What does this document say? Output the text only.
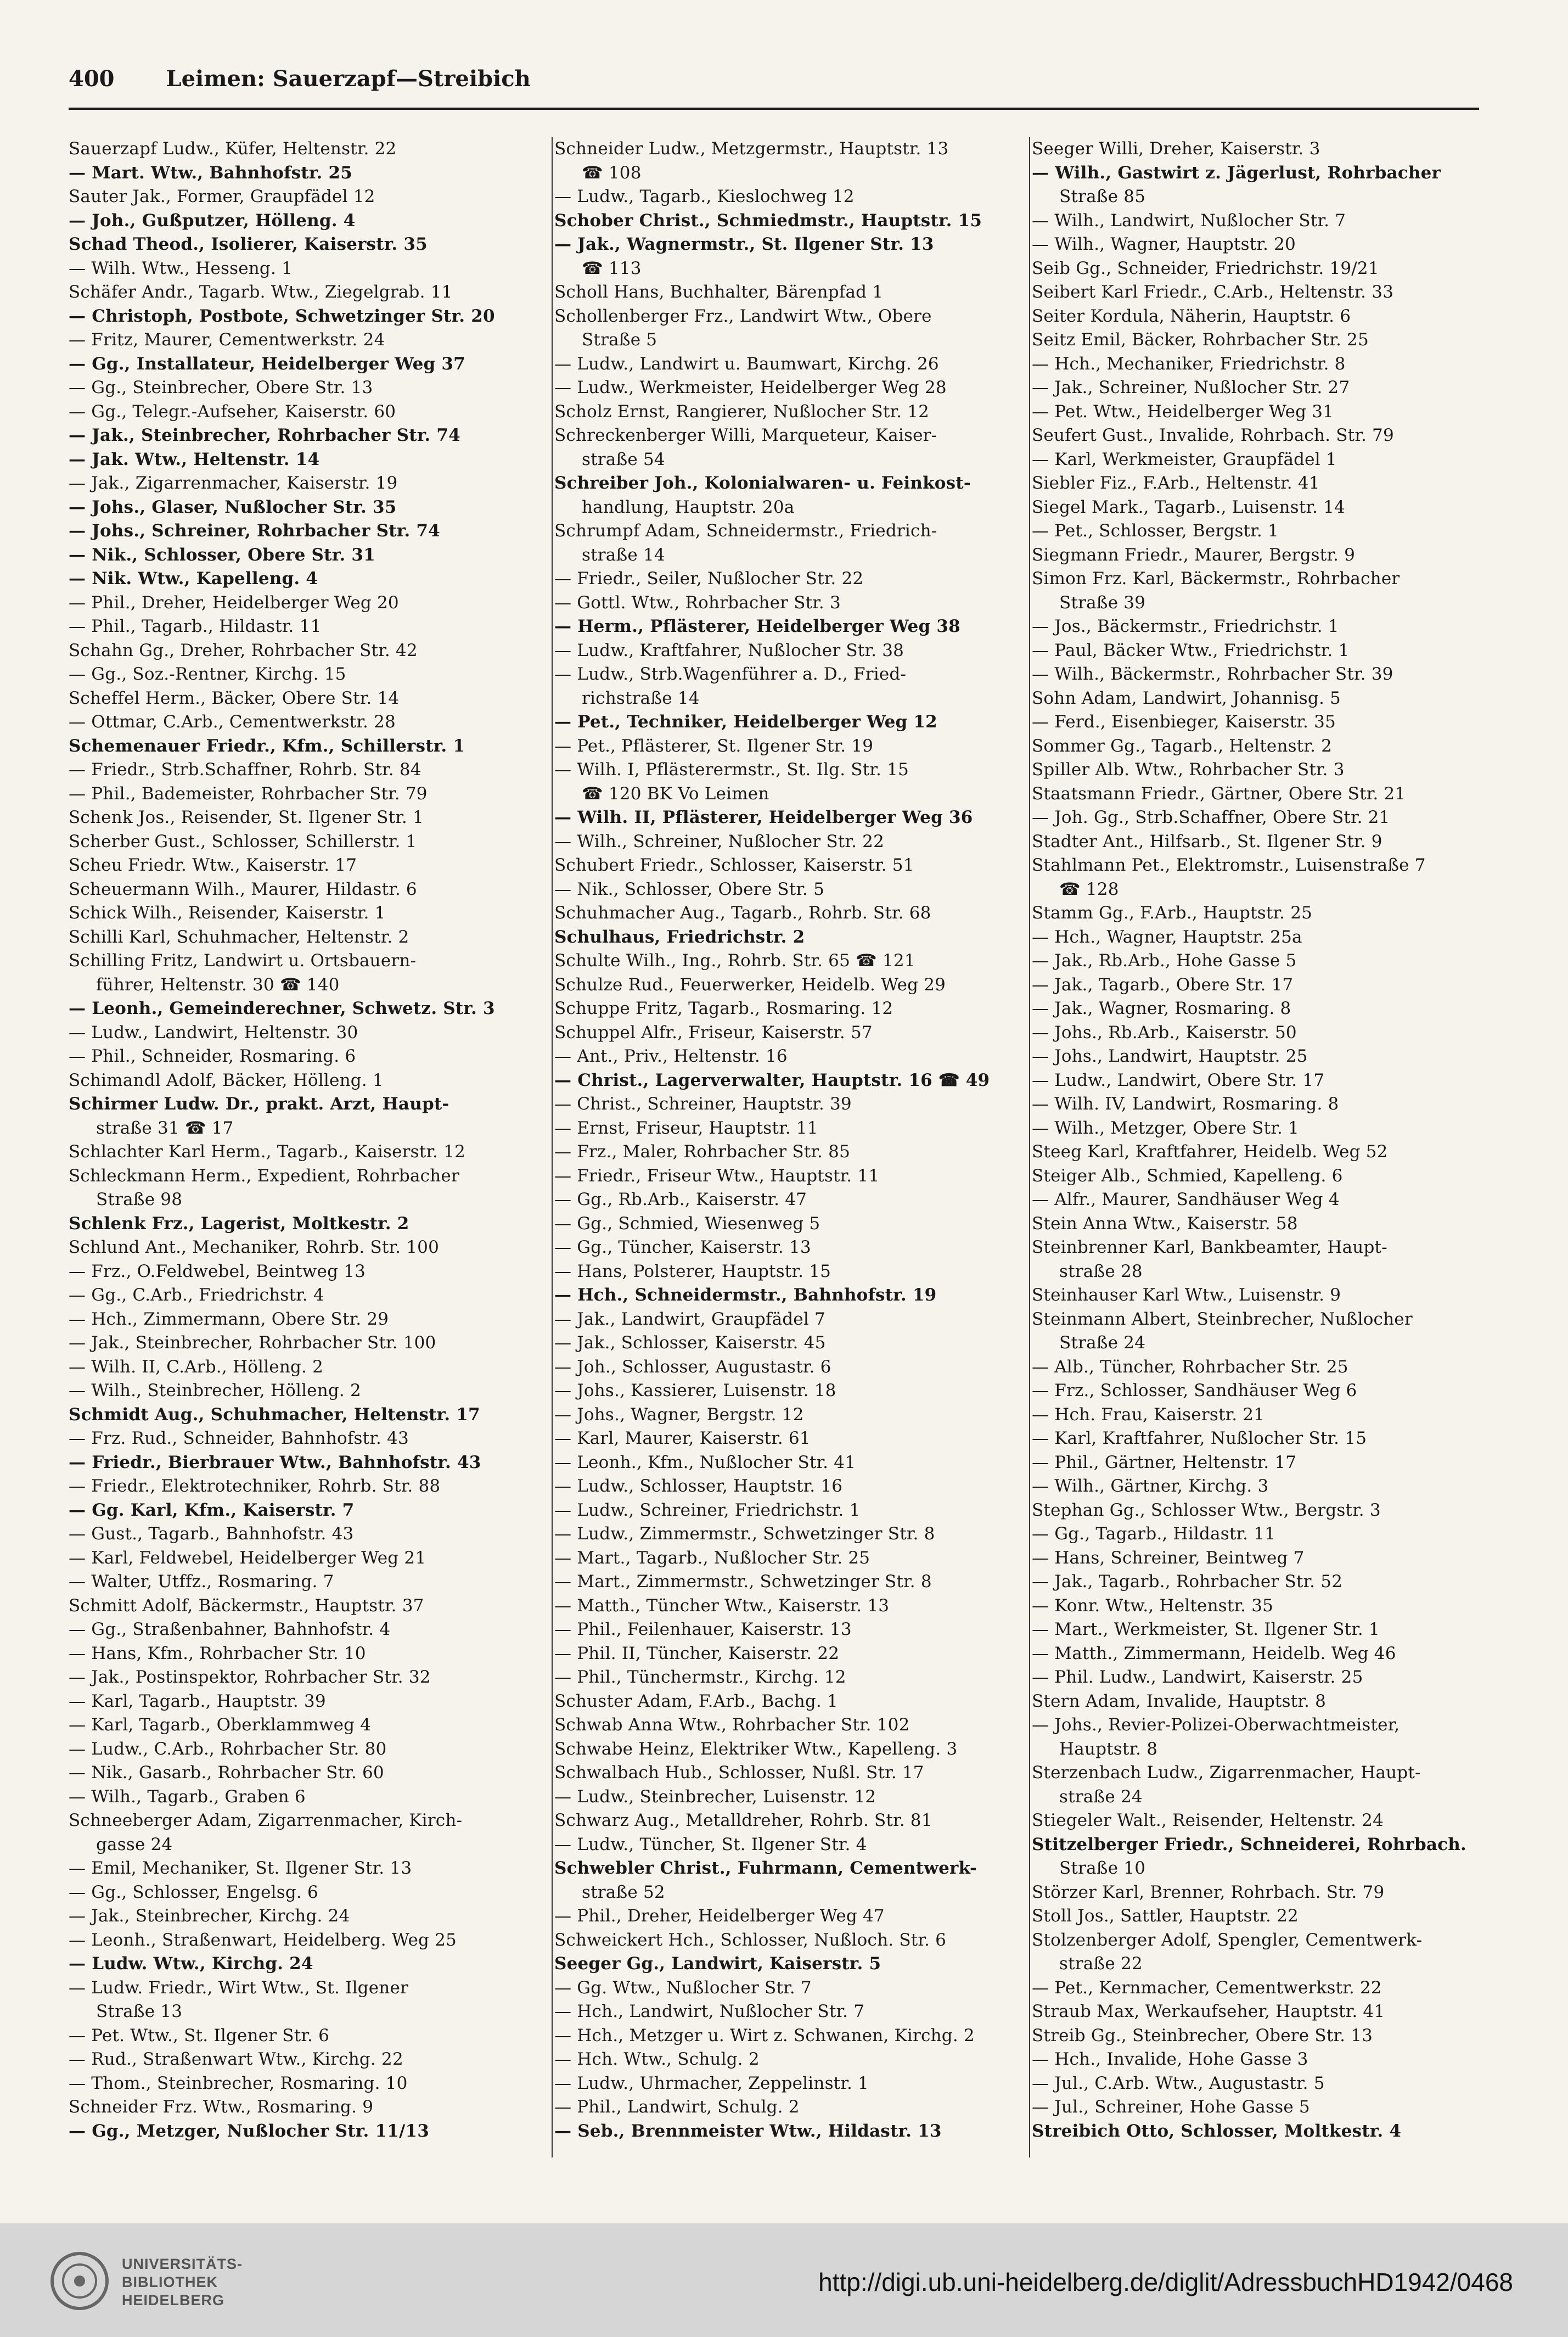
400 Leimen: Sauerzapf—Streibich
Sauerzapf Ludw., Küfer, Heltenstr. 22
— Mart. Wtw., Bahnhofstr. 25
Sauter Jak., Former, Graupfädel 12
— Joh., Gußputzer, Hölleng. 4
Schad Theod., Isolierer, Kaiserstr. 35
— Wilh. Wtw., Hesseng. 1
Schäfer Andr., Tagarb. Wtw., Ziegelgrab. 11
— Christoph, Postbote, Schwetzinger Str. 20
— Fritz, Maurer, Cementwerkstr. 24
— Gg., Installateur, Heidelberger Weg 37
— Gg., Steinbrecher, Obere Str. 13
— Gg., Telegr.-Aufseher, Kaiserstr. 60
— Jak., Steinbrecher, Rohrbacher Str. 74
— Jak. Wtw., Heltenstr. 14
— Jak., Zigarrenmacher, Kaiserstr. 19
— Johs., Glaser, Nußlocher Str. 35
— Johs., Schreiner, Rohrbacher Str. 74
— Nik., Schlosser, Obere Str. 31
— Nik. Wtw., Kapelleng. 4
— Phil., Dreher, Heidelberger Weg 20
— Phil., Tagarb., Hildastr. 11
Schahn Gg., Dreher, Rohrbacher Str. 42
— Gg., Soz.-Rentner, Kirchg. 15
Scheffel Herm., Bäcker, Obere Str. 14
— Ottmar, C.Arb., Cementwerkstr. 28
Schemenauer Friedr., Kfm., Schillerstr. 1
— Friedr., Strb.Schaffner, Rohrb. Str. 84
— Phil., Bademeister, Rohrbacher Str. 79
Schenk Jos., Reisender, St. Ilgener Str. 1
Scherber Gust., Schlosser, Schillerstr. 1
Scheu Friedr. Wtw., Kaiserstr. 17
Scheuermann Wilh., Maurer, Hildastr. 6
Schick Wilh., Reisender, Kaiserstr. 1
Schilli Karl, Schuhmacher, Heltenstr. 2
Schilling Fritz, Landwirt u. Ortsbauern-
führer, Heltenstr. 30 ☎ 140
— Leonh., Gemeinderechner, Schwetz. Str. 3
— Ludw., Landwirt, Heltenstr. 30
— Phil., Schneider, Rosmaring. 6
Schimandl Adolf, Bäcker, Hölleng. 1
Schirmer Ludw. Dr., prakt. Arzt, Haupt-
straße 31 ☎ 17
Schlachter Karl Herm., Tagarb., Kaiserstr. 12
Schleckmann Herm., Expedient, Rohrbacher
Straße 98
Schlenk Frz., Lagerist, Moltkestr. 2
Schlund Ant., Mechaniker, Rohrb. Str. 100
— Frz., O.Feldwebel, Beintweg 13
— Gg., C.Arb., Friedrichstr. 4
— Hch., Zimmermann, Obere Str. 29
— Jak., Steinbrecher, Rohrbacher Str. 100
— Wilh. II, C.Arb., Hölleng. 2
— Wilh., Steinbrecher, Hölleng. 2
Schmidt Aug., Schuhmacher, Heltenstr. 17
— Frz. Rud., Schneider, Bahnhofstr. 43
— Friedr., Bierbrauer Wtw., Bahnhofstr. 43
— Friedr., Elektrotechniker, Rohrb. Str. 88
— Gg. Karl, Kfm., Kaiserstr. 7
— Gust., Tagarb., Bahnhofstr. 43
— Karl, Feldwebel, Heidelberger Weg 21
— Walter, Utffz., Rosmaring. 7
Schmitt Adolf, Bäckermstr., Hauptstr. 37
— Gg., Straßenbahner, Bahnhofstr. 4
— Hans, Kfm., Rohrbacher Str. 10
— Jak., Postinspektor, Rohrbacher Str. 32
— Karl, Tagarb., Hauptstr. 39
— Karl, Tagarb., Oberklammweg 4
— Ludw., C.Arb., Rohrbacher Str. 80
— Nik., Gasarb., Rohrbacher Str. 60
— Wilh., Tagarb., Graben 6
Schneeberger Adam, Zigarrenmacher, Kirch-
gasse 24
— Emil, Mechaniker, St. Ilgener Str. 13
— Gg., Schlosser, Engelsg. 6
— Jak., Steinbrecher, Kirchg. 24
— Leonh., Straßenwart, Heidelberg. Weg 25
— Ludw. Wtw., Kirchg. 24
— Ludw. Friedr., Wirt Wtw., St. Ilgener
Straße 13
— Pet. Wtw., St. Ilgener Str. 6
— Rud., Straßenwart Wtw., Kirchg. 22
— Thom., Steinbrecher, Rosmaring. 10
Schneider Frz. Wtw., Rosmaring. 9
— Gg., Metzger, Nußlocher Str. 11/13
Schneider Ludw., Metzgermstr., Hauptstr. 13
☎ 108
— Ludw., Tagarb., Kieslochweg 12
Schober Christ., Schmiedmstr., Hauptstr. 15
— Jak., Wagnermstr., St. Ilgener Str. 13
☎ 113
Scholl Hans, Buchhalter, Bärenpfad 1
Schollenberger Frz., Landwirt Wtw., Obere
Straße 5
— Ludw., Landwirt u. Baumwart, Kirchg. 26
— Ludw., Werkmeister, Heidelberger Weg 28
Scholz Ernst, Rangierer, Nußlocher Str. 12
Schreckenberger Willi, Marqueteur, Kaiser-
straße 54
Schreiber Joh., Kolonialwaren- u. Feinkost-
handlung, Hauptstr. 20a
Schrumpf Adam, Schneidermstr., Friedrich-
straße 14
— Friedr., Seiler, Nußlocher Str. 22
— Gottl. Wtw., Rohrbacher Str. 3
— Herm., Pflästerer, Heidelberger Weg 38
— Ludw., Kraftfahrer, Nußlocher Str. 38
— Ludw., Strb.Wagenführer a. D., Fried-
richstraße 14
— Pet., Techniker, Heidelberger Weg 12
— Pet., Pflästerer, St. Ilgener Str. 19
— Wilh. I, Pflästerermstr., St. Ilg. Str. 15
☎ 120 BK Vo Leimen
— Wilh. II, Pflästerer, Heidelberger Weg 36
— Wilh., Schreiner, Nußlocher Str. 22
Schubert Friedr., Schlosser, Kaiserstr. 51
— Nik., Schlosser, Obere Str. 5
Schuhmacher Aug., Tagarb., Rohrb. Str. 68
Schulhaus, Friedrichstr. 2
Schulte Wilh., Ing., Rohrb. Str. 65 ☎ 121
Schulze Rud., Feuerwerker, Heidelb. Weg 29
Schuppe Fritz, Tagarb., Rosmaring. 12
Schuppel Alfr., Friseur, Kaiserstr. 57
— Ant., Priv., Heltenstr. 16
— Christ., Lagerverwalter, Hauptstr. 16 ☎ 49
— Christ., Schreiner, Hauptstr. 39
— Ernst, Friseur, Hauptstr. 11
— Frz., Maler, Rohrbacher Str. 85
— Friedr., Friseur Wtw., Hauptstr. 11
— Gg., Rb.Arb., Kaiserstr. 47
— Gg., Schmied, Wiesenweg 5
— Gg., Tüncher, Kaiserstr. 13
— Hans, Polsterer, Hauptstr. 15
— Hch., Schneidermstr., Bahnhofstr. 19
— Jak., Landwirt, Graupfädel 7
— Jak., Schlosser, Kaiserstr. 45
— Joh., Schlosser, Augustastr. 6
— Johs., Kassierer, Luisenstr. 18
— Johs., Wagner, Bergstr. 12
— Karl, Maurer, Kaiserstr. 61
— Leonh., Kfm., Nußlocher Str. 41
— Ludw., Schlosser, Hauptstr. 16
— Ludw., Schreiner, Friedrichstr. 1
— Ludw., Zimmermstr., Schwetzinger Str. 8
— Mart., Tagarb., Nußlocher Str. 25
— Mart., Zimmermstr., Schwetzinger Str. 8
— Matth., Tüncher Wtw., Kaiserstr. 13
— Phil., Feilenhauer, Kaiserstr. 13
— Phil. II, Tüncher, Kaiserstr. 22
— Phil., Tünchermstr., Kirchg. 12
Schuster Adam, F.Arb., Bachg. 1
Schwab Anna Wtw., Rohrbacher Str. 102
Schwabe Heinz, Elektriker Wtw., Kapelleng. 3
Schwalbach Hub., Schlosser, Nußl. Str. 17
— Ludw., Steinbrecher, Luisenstr. 12
Schwarz Aug., Metalldreher, Rohrb. Str. 81
— Ludw., Tüncher, St. Ilgener Str. 4
Schwebler Christ., Fuhrmann, Cementwerk-
straße 52
— Phil., Dreher, Heidelberger Weg 47
Schweickert Hch., Schlosser, Nußloch. Str. 6
Seeger Gg., Landwirt, Kaiserstr. 5
— Gg. Wtw., Nußlocher Str. 7
— Hch., Landwirt, Nußlocher Str. 7
— Hch., Metzger u. Wirt z. Schwanen, Kirchg. 2
— Hch. Wtw., Schulg. 2
— Ludw., Uhrmacher, Zeppelinstr. 1
— Phil., Landwirt, Schulg. 2
— Seb., Brennmeister Wtw., Hildastr. 13
Seeger Willi, Dreher, Kaiserstr. 3
— Wilh., Gastwirt z. Jägerlust, Rohrbacher
Straße 85
— Wilh., Landwirt, Nußlocher Str. 7
— Wilh., Wagner, Hauptstr. 20
Seib Gg., Schneider, Friedrichstr. 19/21
Seibert Karl Friedr., C.Arb., Heltenstr. 33
Seiter Kordula, Näherin, Hauptstr. 6
Seitz Emil, Bäcker, Rohrbacher Str. 25
— Hch., Mechaniker, Friedrichstr. 8
— Jak., Schreiner, Nußlocher Str. 27
— Pet. Wtw., Heidelberger Weg 31
Seufert Gust., Invalide, Rohrbach. Str. 79
— Karl, Werkmeister, Graupfädel 1
Siebler Fiz., F.Arb., Heltenstr. 41
Siegel Mark., Tagarb., Luisenstr. 14
— Pet., Schlosser, Bergstr. 1
Siegmann Friedr., Maurer, Bergstr. 9
Simon Frz. Karl, Bäckermstr., Rohrbacher
Straße 39
— Jos., Bäckermstr., Friedrichstr. 1
— Paul, Bäcker Wtw., Friedrichstr. 1
— Wilh., Bäckermstr., Rohrbacher Str. 39
Sohn Adam, Landwirt, Johannisg. 5
— Ferd., Eisenbieger, Kaiserstr. 35
Sommer Gg., Tagarb., Heltenstr. 2
Spiller Alb. Wtw., Rohrbacher Str. 3
Staatsmann Friedr., Gärtner, Obere Str. 21
— Joh. Gg., Strb.Schaffner, Obere Str. 21
Stadter Ant., Hilfsarb., St. Ilgener Str. 9
Stahlmann Pet., Elektromstr., Luisenstraße 7
☎ 128
Stamm Gg., F.Arb., Hauptstr. 25
— Hch., Wagner, Hauptstr. 25a
— Jak., Rb.Arb., Hohe Gasse 5
— Jak., Tagarb., Obere Str. 17
— Jak., Wagner, Rosmaring. 8
— Johs., Rb.Arb., Kaiserstr. 50
— Johs., Landwirt, Hauptstr. 25
— Ludw., Landwirt, Obere Str. 17
— Wilh. IV, Landwirt, Rosmaring. 8
— Wilh., Metzger, Obere Str. 1
Steeg Karl, Kraftfahrer, Heidelb. Weg 52
Steiger Alb., Schmied, Kapelleng. 6
— Alfr., Maurer, Sandhäuser Weg 4
Stein Anna Wtw., Kaiserstr. 58
Steinbrenner Karl, Bankbeamter, Haupt-
straße 28
Steinhauser Karl Wtw., Luisenstr. 9
Steinmann Albert, Steinbrecher, Nußlocher
Straße 24
— Alb., Tüncher, Rohrbacher Str. 25
— Frz., Schlosser, Sandhäuser Weg 6
— Hch. Frau, Kaiserstr. 21
— Karl, Kraftfahrer, Nußlocher Str. 15
— Phil., Gärtner, Heltenstr. 17
— Wilh., Gärtner, Kirchg. 3
Stephan Gg., Schlosser Wtw., Bergstr. 3
— Gg., Tagarb., Hildastr. 11
— Hans, Schreiner, Beintweg 7
— Jak., Tagarb., Rohrbacher Str. 52
— Konr. Wtw., Heltenstr. 35
— Mart., Werkmeister, St. Ilgener Str. 1
— Matth., Zimmermann, Heidelb. Weg 46
— Phil. Ludw., Landwirt, Kaiserstr. 25
Stern Adam, Invalide, Hauptstr. 8
— Johs., Revier-Polizei-Oberwachtmeister,
Hauptstr. 8
Sterzenbach Ludw., Zigarrenmacher, Haupt-
straße 24
Stiegeler Walt., Reisender, Heltenstr. 24
Stitzelberger Friedr., Schneiderei, Rohrbach.
Straße 10
Störzer Karl, Brenner, Rohrbach. Str. 79
Stoll Jos., Sattler, Hauptstr. 22
Stolzenberger Adolf, Spengler, Cementwerk-
straße 22
— Pet., Kernmacher, Cementwerkstr. 22
Straub Max, Werkaufseher, Hauptstr. 41
Streib Gg., Steinbrecher, Obere Str. 13
— Hch., Invalide, Hohe Gasse 3
— Jul., C.Arb. Wtw., Augustastr. 5
— Jul., Schreiner, Hohe Gasse 5
Streibich Otto, Schlosser, Moltkestr. 4
UNIVERSITÄTS-
BIBLIOTHEK
HEIDELBERG
http://digi.ub.uni-heidelberg.de/diglit/AdressbuchHD1942/0468
